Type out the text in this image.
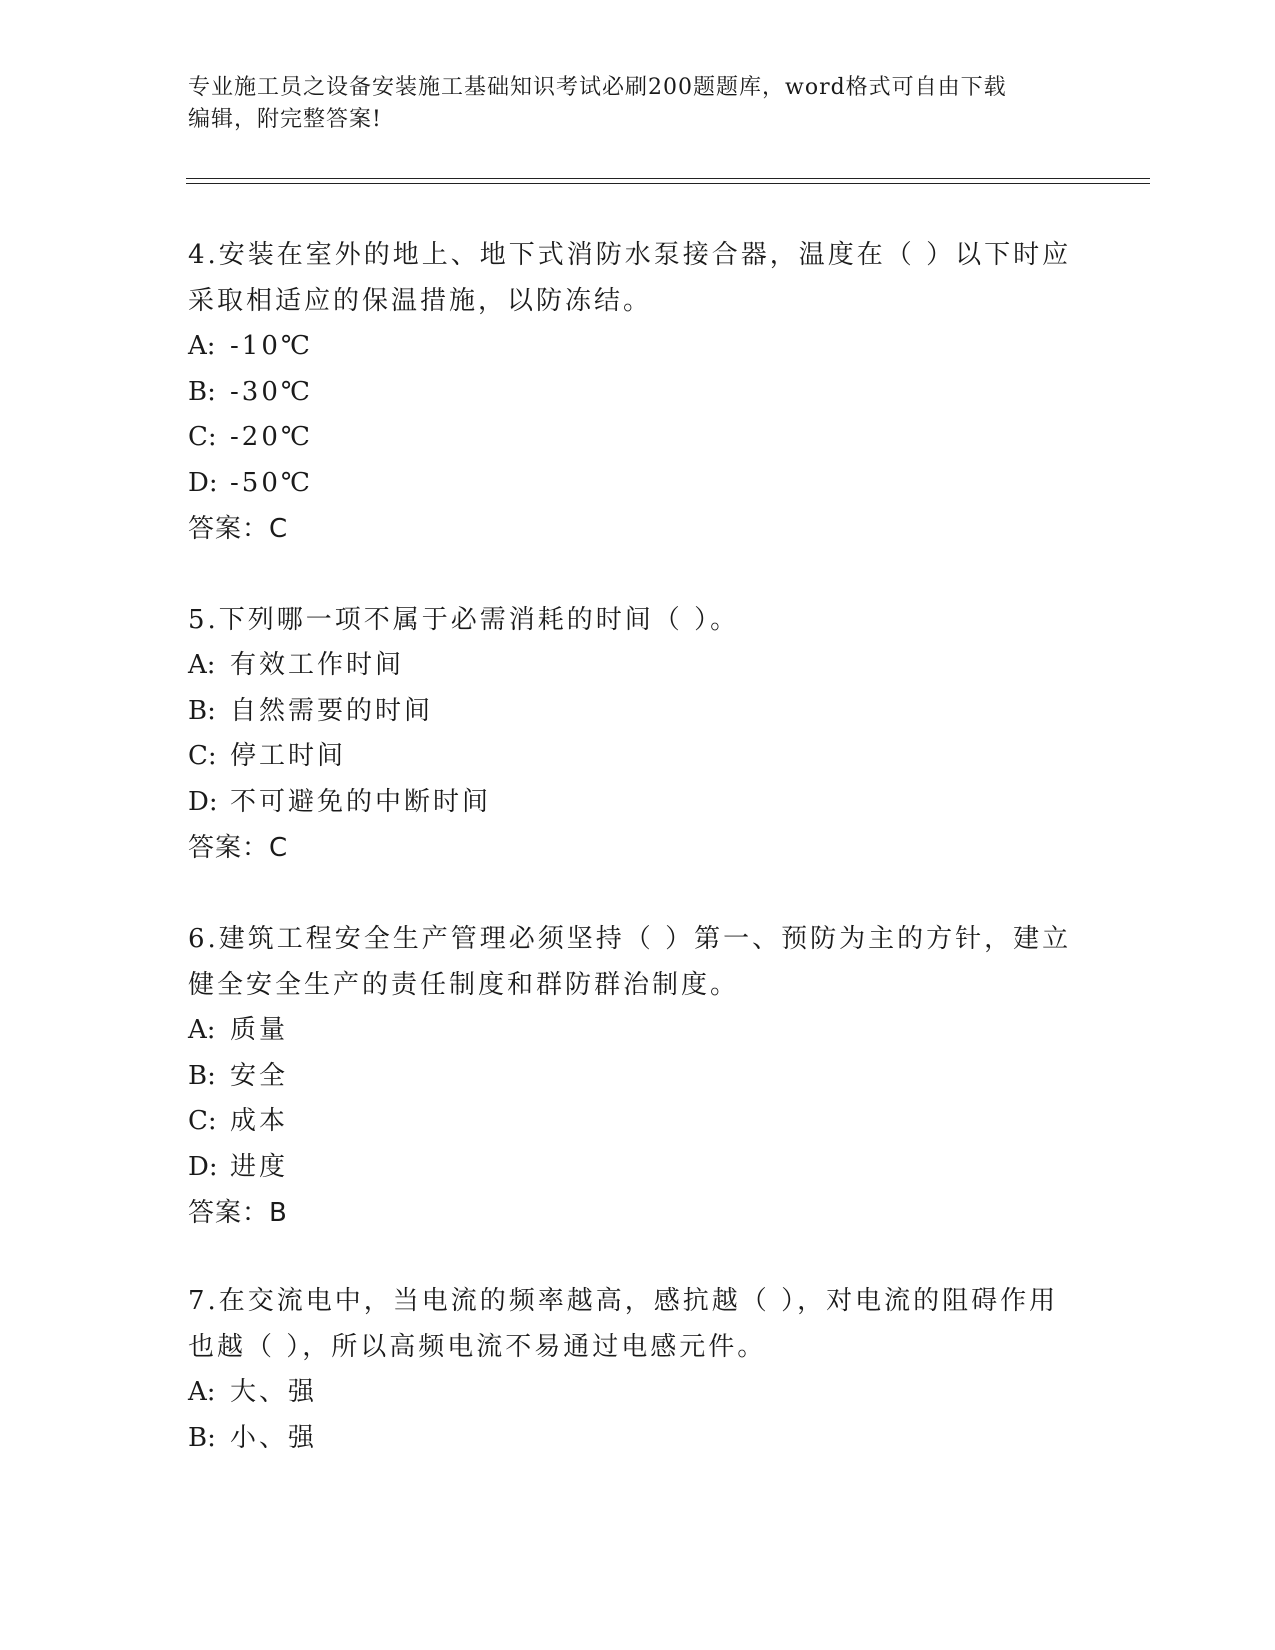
专业施工员之设备安装施工基础知识考试必刷200题题库，word格式可自由下载
编辑，附完整答案!
4.安装在室外的地上、地下式消防水泵接合器，温度在（ ）以下时应
采取相适应的保温措施，以防冻结。
A: -10℃
B: -30℃
C: -20℃
D: -50℃
答案：C
5.下列哪一项不属于必需消耗的时间（ ）。
A: 有效工作时间
B: 自然需要的时间
C: 停工时间
D: 不可避免的中断时间
答案：C
6.建筑工程安全生产管理必须坚持（ ）第一、预防为主的方针，建立
健全安全生产的责任制度和群防群治制度。
A: 质量
B: 安全
C: 成本
D: 进度
答案：B
7.在交流电中，当电流的频率越高，感抗越（ ），对电流的阻碍作用
也越（ ），所以高频电流不易通过电感元件。
A: 大、强
B: 小、强
